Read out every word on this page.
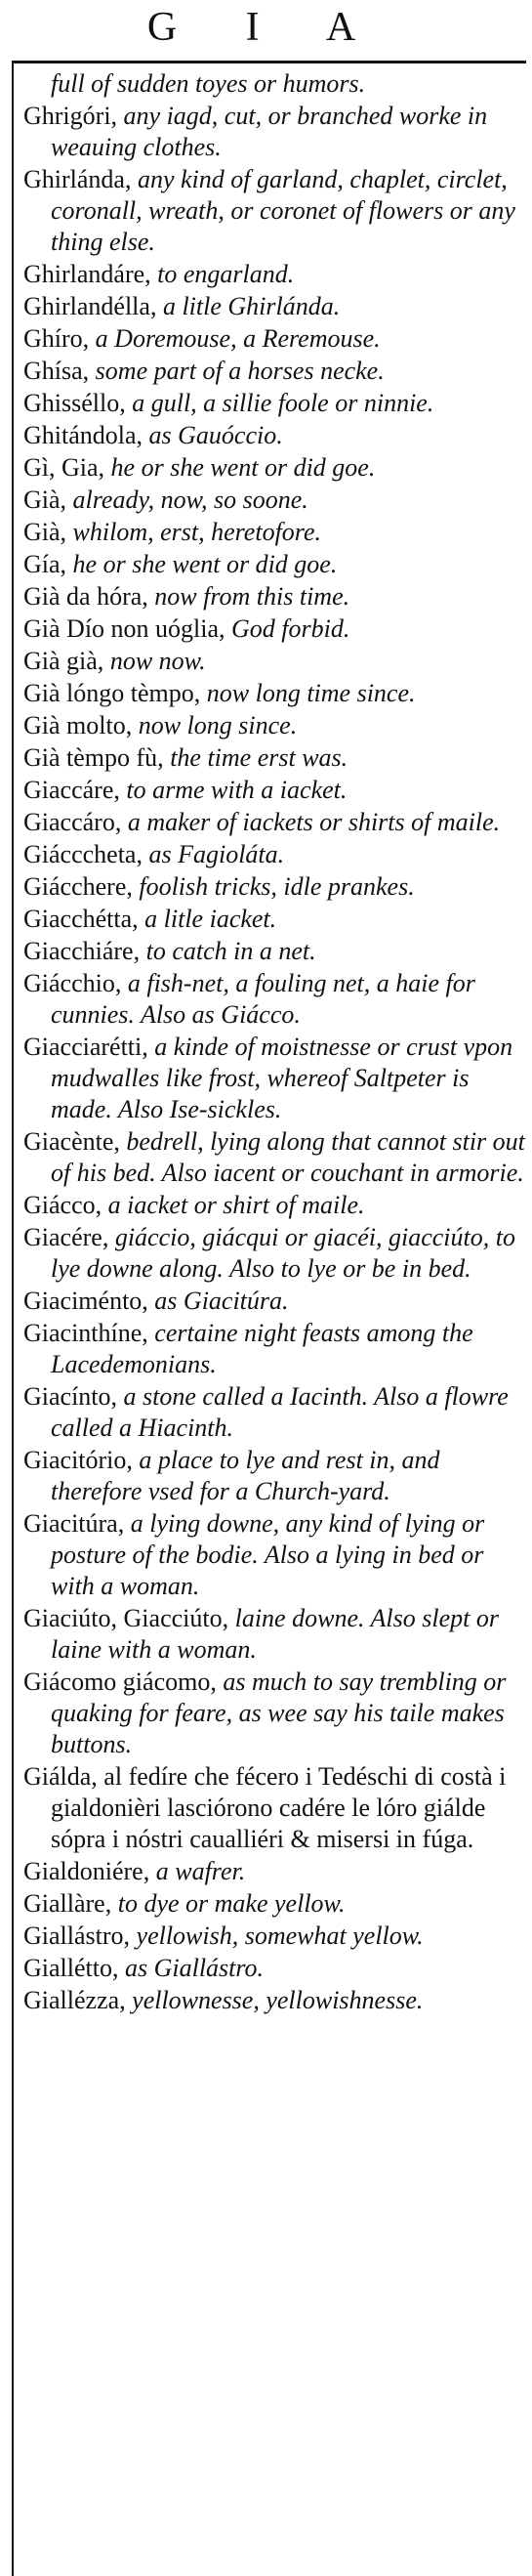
G I A
full of sudden toyes or humors.
Ghrigóri, any iagd, cut, or branched worke in weauing clothes.
Ghirlánda, any kind of garland, chaplet, circlet, coronall, wreath, or coronet of flowers or any thing else.
Ghirlandáre, to engarland.
Ghirlandélla, a litle Ghirlánda.
Ghíro, a Doremouse, a Reremouse.
Ghísa, some part of a horses necke.
Ghisséllo, a gull, a sillie foole or ninnie.
Ghitándola, as Gauóccio.
Gì, Gia, he or she went or did goe.
Già, already, now, so soone.
Già, whilom, erst, heretofore.
Gía, he or she went or did goe.
Già da hóra, now from this time.
Già Dío non uóglia, God forbid.
Già già, now now.
Già lóngo tèmpo, now long time since.
Già molto, now long since.
Già tèmpo fù, the time erst was.
Giaccáre, to arme with a iacket.
Giaccáro, a maker of iackets or shirts of maile.
Giácccheta, as Fagioláta.
Giácchere, foolish tricks, idle prankes.
Giacchétta, a litle iacket.
Giacchiáre, to catch in a net.
Giácchio, a fish-net, a fouling net, a haie for cunnies. Also as Giácco.
Giacciarétti, a kinde of moistnesse or crust vpon mudwalles like frost, whereof Saltpeter is made. Also Ise-sickles.
Giacènte, bedrell, lying along that cannot stir out of his bed. Also iacent or couchant in armorie.
Giácco, a iacket or shirt of maile.
Giacére, giáccio, giácqui or giacéi, giacciúto, to lye downe along. Also to lye or be in bed.
Giaciménto, as Giacitúra.
Giacinthíne, certaine night feasts among the Lacedemonians.
Giacínto, a stone called a Iacinth. Also a flowre called a Hiacinth.
Giacitório, a place to lye and rest in, and therefore vsed for a Church-yard.
Giacitúra, a lying downe, any kind of lying or posture of the bodie. Also a lying in bed or with a woman.
Giaciúto, Giacciúto, laine downe. Also slept or laine with a woman.
Giácomo giácomo, as much to say trembling or quaking for feare, as wee say his taile makes buttons.
Giálda, al fedíre che fécero i Tedéschi di costà i gialdonièri lasciórono cadére le lóro giálde sópra i nóstri caualliéri & misersi in fúga.
Gialdoniére, a wafrer.
Giallàre, to dye or make yellow.
Giallástro, yellowish, somewhat yellow.
Giallétto, as Giallástro.
Giallézza, yellownesse, yellowishnesse.
